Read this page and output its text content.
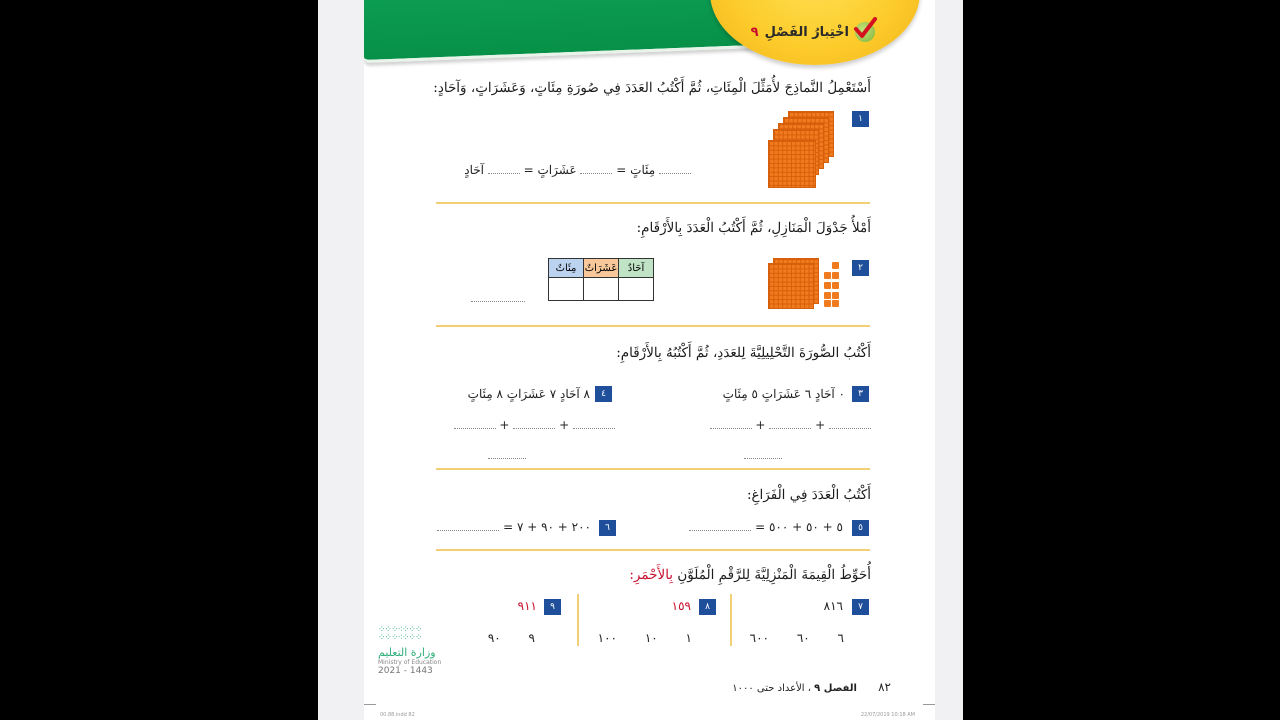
اخْتِبارُ الفَصْلِ
٩
أَسْتَعْمِلُ النَّماذِجَ لأُمَثِّلَ الْمِئَاتِ، ثُمَّ أَكْتُبُ العَدَدَ فِي صُورَةِ مِئَاتٍ، وَعَشَرَاتٍ، وَآحَادٍ:
١
مِئَاتٍ =  عَشَرَاتٍ =  آحَادٍ
أَمْلأُ جَدْوَلَ الْمَنَازِلِ، ثُمَّ أَكْتُبُ الْعَدَدَ بِالأَرْقَامِ:
٢
آحَادٌ	عَشَرَاتٌ	مِئَاتٌ

أَكْتُبُ الصُّورَةَ التَّحْلِيلِيَّةَ لِلعَدَدِ، ثُمَّ أَكْتُبُهُ بِالأَرْقَامِ:
٣
٠ آحَادٍ ٦ عَشَرَاتٍ ٥ مِئَاتٍ
+	+
٤
٨ آحَادٍ ٧ عَشَرَاتٍ ٨ مِئَاتٍ
+	+
أَكْتُبُ الْعَدَدَ فِي الْفَرَاغِ:
٥
٥ + ٥٠ + ٥٠٠ =
٦
٢٠٠ + ٩٠ + ٧ =
أُحَوِّطُ الْقِيمَةَ الْمَنْزِلِيَّةَ لِلرَّقْمِ الْمُلَوَّنِ بِالأَحْمَرِ:
٧
٨١٦
٦ ٦٠ ٦٠٠
٨
١٥٩
١ ١٠ ١٠٠
٩
٩١١
٩ ٩٠
⁘⁘⁘⁖⁘⁘⁘
⁘⁘⁘⁖⁘⁘⁘
وزارة التعليم
Ministry of Education
2021 - 1443
٨٢ الفصل ٩ ، الأعداد حتى ١٠٠٠
00.88.indd 82	22/07/2019 10:18 AM
